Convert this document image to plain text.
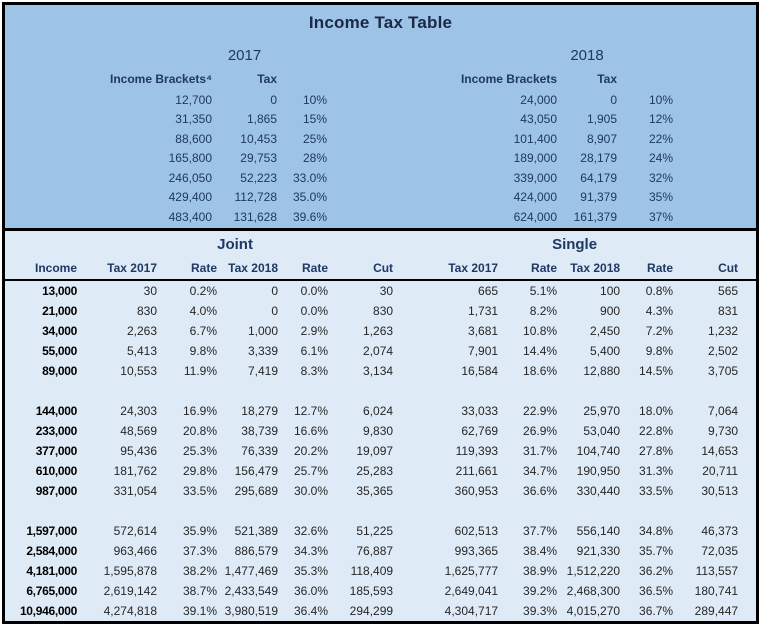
Income Tax Table
	2017	
Income Brackets⁴	Tax	
12,700	0	10%
31,350	1,865	15%
88,600	10,453	25%
165,800	29,753	28%
246,050	52,223	33.0%
429,400	112,728	35.0%
483,400	131,628	39.6%
	2018	
Income Brackets	Tax	
24,000	0	10%
43,050	1,905	12%
101,400	8,907	22%
189,000	28,179	24%
339,000	64,179	32%
424,000	91,379	35%
624,000	161,379	37%
	Joint					Single					
Income	Tax 2017	Rate	Tax 2018	Rate	Cut	Tax 2017	Rate	Tax 2018	Rate	Cut	
13,000	30	0.2%	0	0.0%	30	665	5.1%	100	0.8%	565	
21,000	830	4.0%	0	0.0%	830	1,731	8.2%	900	4.3%	831	
34,000	2,263	6.7%	1,000	2.9%	1,263	3,681	10.8%	2,450	7.2%	1,232	
55,000	5,413	9.8%	3,339	6.1%	2,074	7,901	14.4%	5,400	9.8%	2,502	
89,000	10,553	11.9%	7,419	8.3%	3,134	16,584	18.6%	12,880	14.5%	3,705	

144,000	24,303	16.9%	18,279	12.7%	6,024	33,033	22.9%	25,970	18.0%	7,064	
233,000	48,569	20.8%	38,739	16.6%	9,830	62,769	26.9%	53,040	22.8%	9,730	
377,000	95,436	25.3%	76,339	20.2%	19,097	119,393	31.7%	104,740	27.8%	14,653	
610,000	181,762	29.8%	156,479	25.7%	25,283	211,661	34.7%	190,950	31.3%	20,711	
987,000	331,054	33.5%	295,689	30.0%	35,365	360,953	36.6%	330,440	33.5%	30,513	

1,597,000	572,614	35.9%	521,389	32.6%	51,225	602,513	37.7%	556,140	34.8%	46,373	
2,584,000	963,466	37.3%	886,579	34.3%	76,887	993,365	38.4%	921,330	35.7%	72,035	
4,181,000	1,595,878	38.2%	1,477,469	35.3%	118,409	1,625,777	38.9%	1,512,220	36.2%	113,557	
6,765,000	2,619,142	38.7%	2,433,549	36.0%	185,593	2,649,041	39.2%	2,468,300	36.5%	180,741	
10,946,000	4,274,818	39.1%	3,980,519	36.4%	294,299	4,304,717	39.3%	4,015,270	36.7%	289,447	
